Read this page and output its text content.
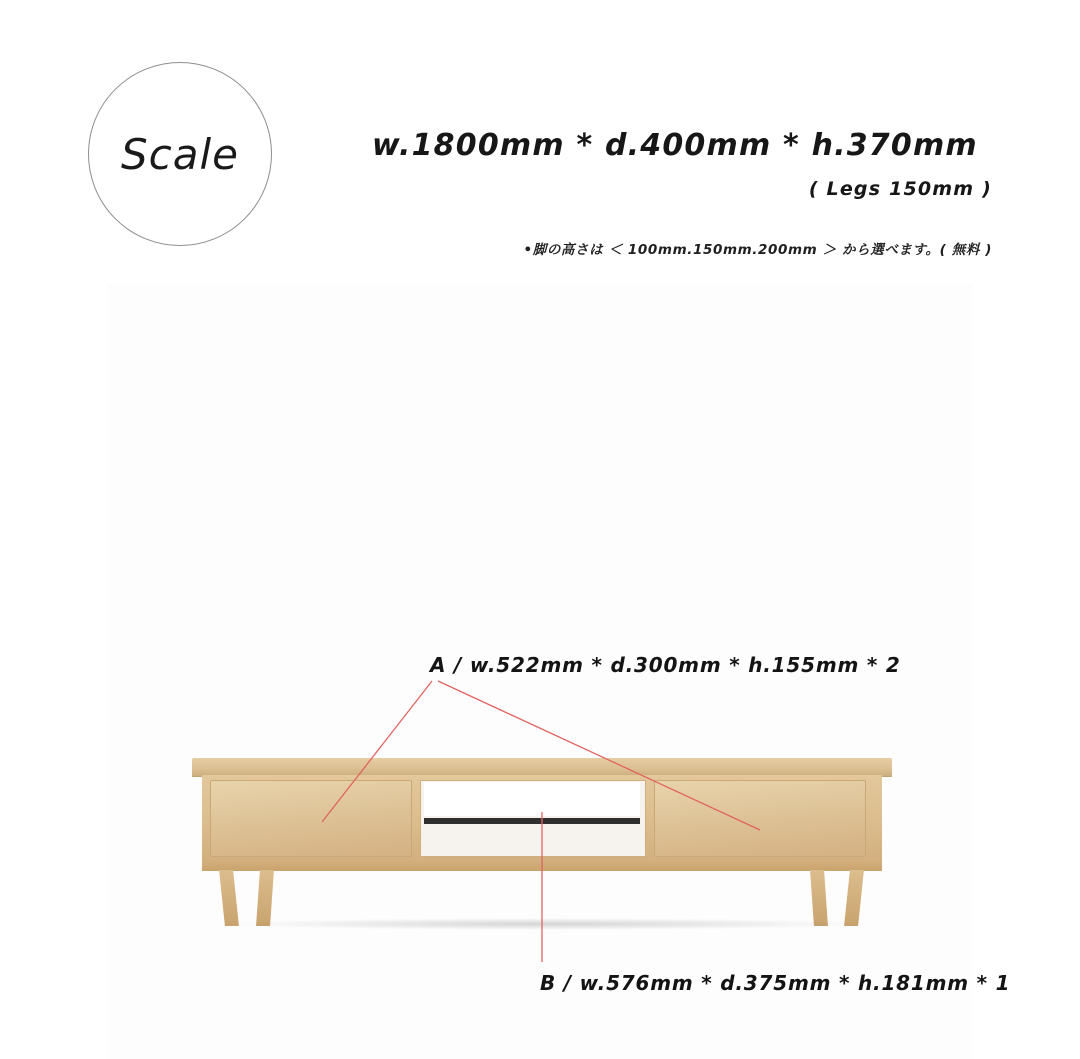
Scale	w.1800mm * d.400mm * h.370mm
( Legs 150mm )
•脚の高さは ＜ 100mm.150mm.200mm ＞ から選べます。( 無料 )
A / w.522mm * d.300mm * h.155mm * 2
B / w.576mm * d.375mm * h.181mm * 1
